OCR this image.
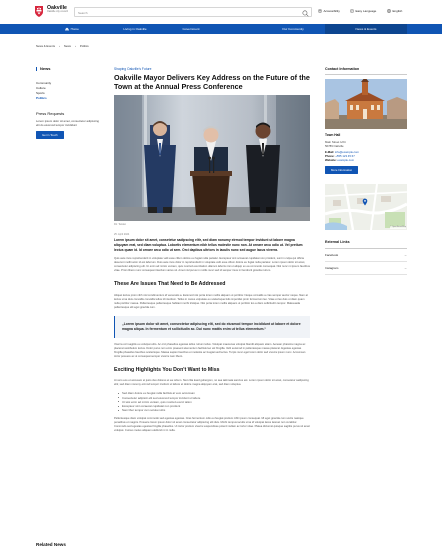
Oakville
Oakville city council
Search	Accessibility	Easy Language	English
Home	Living in Oakville	Government	Our Community	News & Events
News & Events › News › Politics
News
Community
Culture
Sports
Politics
Press Requests
Lorem ipsum dolor sit amet, consectetur adipiscing elit do eiusmod tempor incididunt
Get in Touch
Shaping Oakville's Future
Oakville Mayor Delivers Key Address on the Future of the Town at the Annual Press Conference
Dtr. Tansko
25. April 2024
Lorem ipsum dolor sit amet, consetetur sadipscing elitr, sed diam nonumy eirmod tempor invidunt ut labore magna aliquyam erat, sed diam voluptua. Lobortis elementum nibh tellus molestie nunc non. At ornare arcu odio ut. Vel pretium lectus quam id. Id ornare arcu odio ut sem. Orci dapibus ultrices in iaculis nunc sed augue lacus viverra.
Quis aute irure reprehenderit in voluptate velit esse cillum dolore eu fugiat nulla pariatur. Excepteur sint occaecat cupidatat non proident, sunt in culpa qui officia deserunt mollit anim id est laborum. Duis aute irure dolor in reprehenderit in voluptate velit esse cillum dolore eu fugiat nulla pariatur. Lorem ipsum dolor sit amet, consectetur adipiscing elit. Ut enim ad minim veniam, quis nostrud exercitation ullamco laboris nisi ut aliquip ex ea commodo consequat. Nisl nunc mi ipsum faucibus vitae. Proin libero nunc consequat interdum varius sit. Amet nisl purus in mollis nunc sed id semper risus in hendrerit gravida rutrum.
These Are Issues That Need to Be Addressed
Aliquet lectus proin nibh nisl condimentum id venenatis a. Euismod nisi porta lorem mollis aliquam ut porttitor. Neque convallis a cras semper auctor neque. Nam at lectus urna duis convallis convallis tellus id interdum. Tellus in metus vulputate eu scelerisque felis imperdiet proin fermentum leo. Vitae et leo duis ut diam quam nulla porttitor massa. Pellentesque pellentesque habitant morbi tristique. Nisi porta lorem mollis aliquam ut porttitor leo a diam sollicitudin tempor. Malesuada pellentesque elit eget gravida cum.
„Lorem ipsum dolor sit amet, consectetur adipiscing elit, sed do eiusmod tempor incididunt ut labore et dolore magna aliqua. In fermentum et sollicitudin ac. Dui nunc mattis enim ut tellus elementum.“
Viverra orci sagittis eu volutpat odio. Ac orci phasellus egestas tellus rutrum tellus. Volutpat maecenas volutpat blandit aliquam etiam. Aenean pharetra magna ac placerat vestibulum lectus. Dolor purus non enim praesent elementum facilisis leo vel fringilla. Velit euismod in pellentesque massa placerat. Egestas egestas fringilla phasellus faucibus scelerisque. Massa sapien faucibus et molestie ac feugiat sed lectus. Turpis nunc eget lorem dolor sed viverra ipsum nunc. Accumsan tortor posuere ac ut consequat semper viverra nam libero.
Exciting Highlights You Don't Want to Miss
At vero eos et accusam et justo duo dolores et ea rebum. Stet clita kasd gubergren, no sea takimata sanctus est. Lorem ipsum dolor sit amet, consetetur sadipscing elitr, sed diam nonumy eirmod tempor invidunt ut labore et dolore magna aliquyam erat, sed diam voluptua.
Sed diam dolore eu feugiat nulla facilisis at vero accumsan
Consectetur adipisici elit sed eiusmod tempor incidunt ut labore
Ut wisi enim ad minim veniam, quis nostrud exerci tation
Excepteur sint occaecat cupidatat non proident
Nam liber tempor cum soluta nobis
Pellentesque diam volutpat commodo sed egestas egestas. Cras fermentum odio eu feugiat pretium nibh ipsum consequat. Mi eget gravida cum sociis natoque penatibus et magnis. Posuere lorem ipsum dolor sit amet consectetur adipiscing elit duis. Morbi tempus iaculis urna id volutpat lacus laoreet non curabitur. Commodo sed egestas egestas fringilla phasellus. Ut tortor pretium viverra suspendisse potenti nullam ac tortor vitae. Platea dictumst quisque sagittis purus sit amet volutpat. Cursus metus aliquam eleifend mi in nulla.
Related News
Contact Information
Town Hall
Main Street 1/24
56789 Oakville
E-Mail: info@example.com
Phone: +555 123 45 67
Website: example.com
More Information
© OpenStreetMap
External Links
Facebook	→
Instagram	→
